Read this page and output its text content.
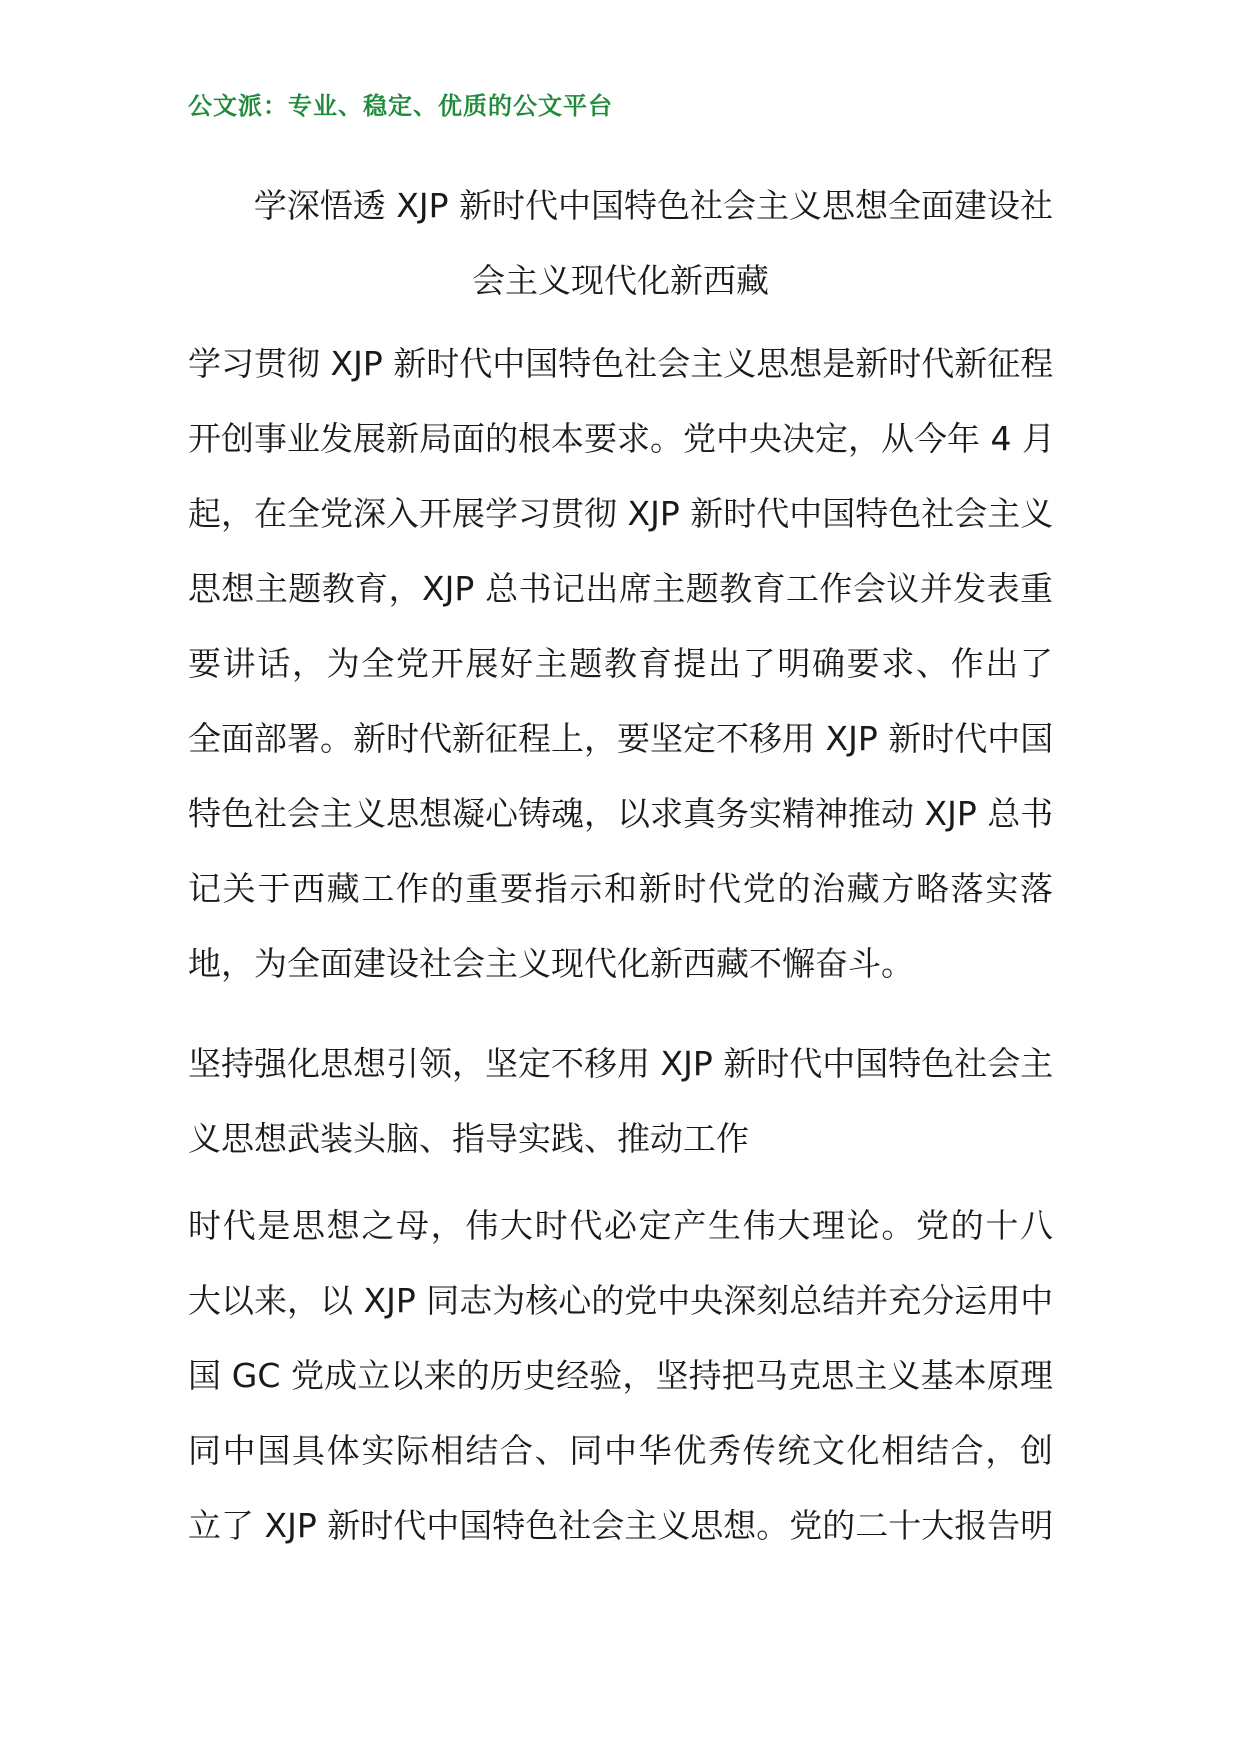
公文派：专业、稳定、优质的公文平台
学深悟透 XJP 新时代中国特色社会主义思想全面建设社
会主义现代化新西藏
学习贯彻 XJP 新时代中国特色社会主义思想是新时代新征程
开创事业发展新局面的根本要求。党中央决定，从今年 4 月
起，在全党深入开展学习贯彻 XJP 新时代中国特色社会主义
思想主题教育，XJP 总书记出席主题教育工作会议并发表重
要讲话，为全党开展好主题教育提出了明确要求、作出了
全面部署。新时代新征程上，要坚定不移用 XJP 新时代中国
特色社会主义思想凝心铸魂，以求真务实精神推动 XJP 总书
记关于西藏工作的重要指示和新时代党的治藏方略落实落
地，为全面建设社会主义现代化新西藏不懈奋斗。
坚持强化思想引领，坚定不移用 XJP 新时代中国特色社会主
义思想武装头脑、指导实践、推动工作
时代是思想之母，伟大时代必定产生伟大理论。党的十八
大以来，以 XJP 同志为核心的党中央深刻总结并充分运用中
国 GC 党成立以来的历史经验，坚持把马克思主义基本原理
同中国具体实际相结合、同中华优秀传统文化相结合，创
立了 XJP 新时代中国特色社会主义思想。党的二十大报告明
